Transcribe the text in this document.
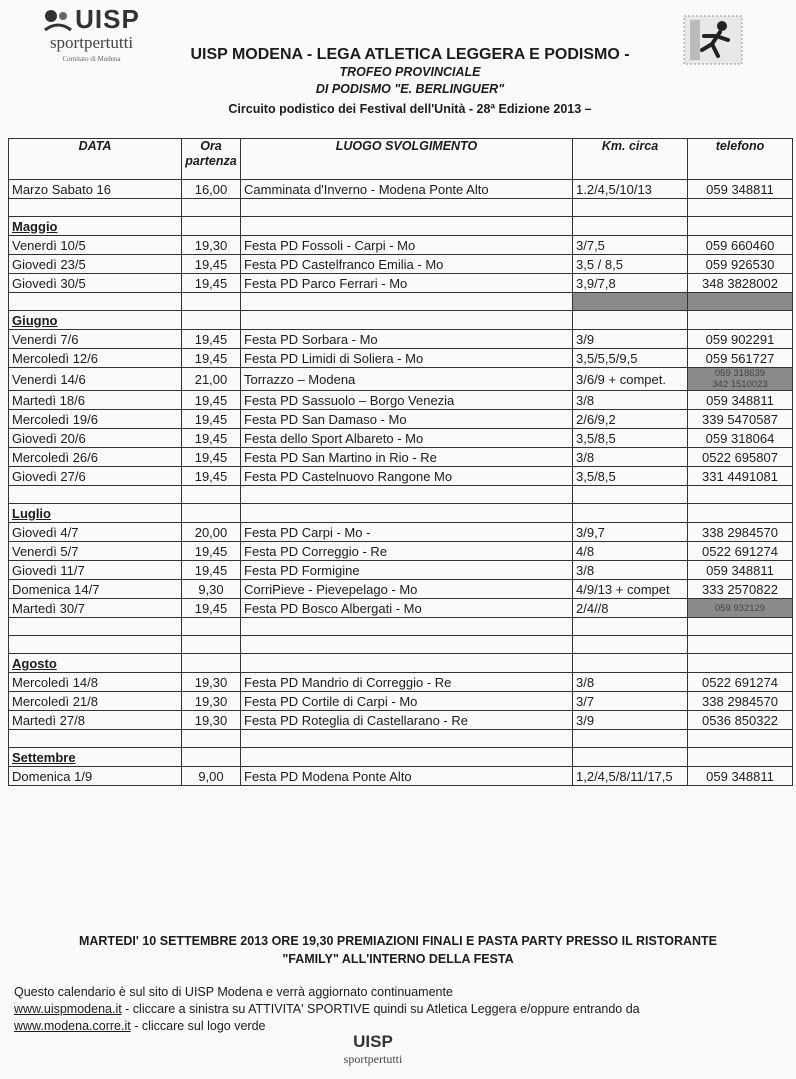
UISP
sportpertutti
Comitato di Modena	UISP MODENA - LEGA ATLETICA LEGGERA E PODISMO -
TROFEO PROVINCIALE
DI PODISMO "E. BERLINGUER"
Circuito podistico dei Festival dell'Unità - 28ª Edizione 2013 –
DATA	Ora partenza	LUOGO SVOLGIMENTO	Km. circa	telefono
Marzo Sabato 16	16,00	Camminata d'Inverno - Modena Ponte Alto	1.2/4,5/10/13	059 348811

Maggio				
Venerdì 10/5	19,30	Festa PD Fossoli - Carpi - Mo	3/7,5	059 660460
Giovedì 23/5	19,45	Festa PD Castelfranco Emilia - Mo	3,5 / 8,5	059 926530
Giovedì 30/5	19,45	Festa PD Parco Ferrari - Mo	3,9/7,8	348 3828002

Giugno				
Venerdì 7/6	19,45	Festa PD Sorbara - Mo	3/9	059 902291
Mercoledì 12/6	19,45	Festa PD Limidi di Soliera - Mo	3,5/5,5/9,5	059 561727
Venerdì 14/6	21,00	Torrazzo – Modena	3/6/9 + compet.	059 318639
342 1510023
Martedì 18/6	19,45	Festa PD Sassuolo – Borgo Venezia	3/8	059 348811
Mercoledì 19/6	19,45	Festa PD San Damaso - Mo	2/6/9,2	339 5470587
Giovedì 20/6	19,45	Festa dello Sport Albareto - Mo	3,5/8,5	059 318064
Mercoledì 26/6	19,45	Festa PD San Martino in Rio - Re	3/8	0522 695807
Giovedì 27/6	19,45	Festa PD Castelnuovo Rangone Mo	3,5/8,5	331 4491081

Luglio				
Giovedì 4/7	20,00	Festa PD Carpi - Mo -	3/9,7	338 2984570
Venerdì 5/7	19,45	Festa PD Correggio - Re	4/8	0522 691274
Giovedì 11/7	19,45	Festa PD Formigine	3/8	059 348811
Domenica 14/7	9,30	CorriPieve - Pievepelago - Mo	4/9/13 + compet	333 2570822
Martedì 30/7	19,45	Festa PD Bosco Albergati - Mo	2/4//8	059 932129

Agosto				
Mercoledì 14/8	19,30	Festa PD Mandrio di Correggio - Re	3/8	0522 691274
Mercoledì 21/8	19,30	Festa PD Cortile di Carpi - Mo	3/7	338 2984570
Martedì 27/8	19,30	Festa PD Roteglia di Castellarano - Re	3/9	0536 850322

Settembre				
Domenica 1/9	9,00	Festa PD Modena Ponte Alto	1,2/4,5/8/11/17,5	059 348811
MARTEDI' 10 SETTEMBRE 2013 ORE 19,30 PREMIAZIONI FINALI E PASTA PARTY PRESSO IL RISTORANTE
"FAMILY" ALL'INTERNO DELLA FESTA
Questo calendario è sul sito di UISP Modena e verrà aggiornato continuamente
www.uispmodena.it - cliccare a sinistra su ATTIVITA' SPORTIVE quindi su Atletica Leggera e/oppure entrando da
www.modena.corre.it - cliccare sul logo verde
UISP
sportpertutti
